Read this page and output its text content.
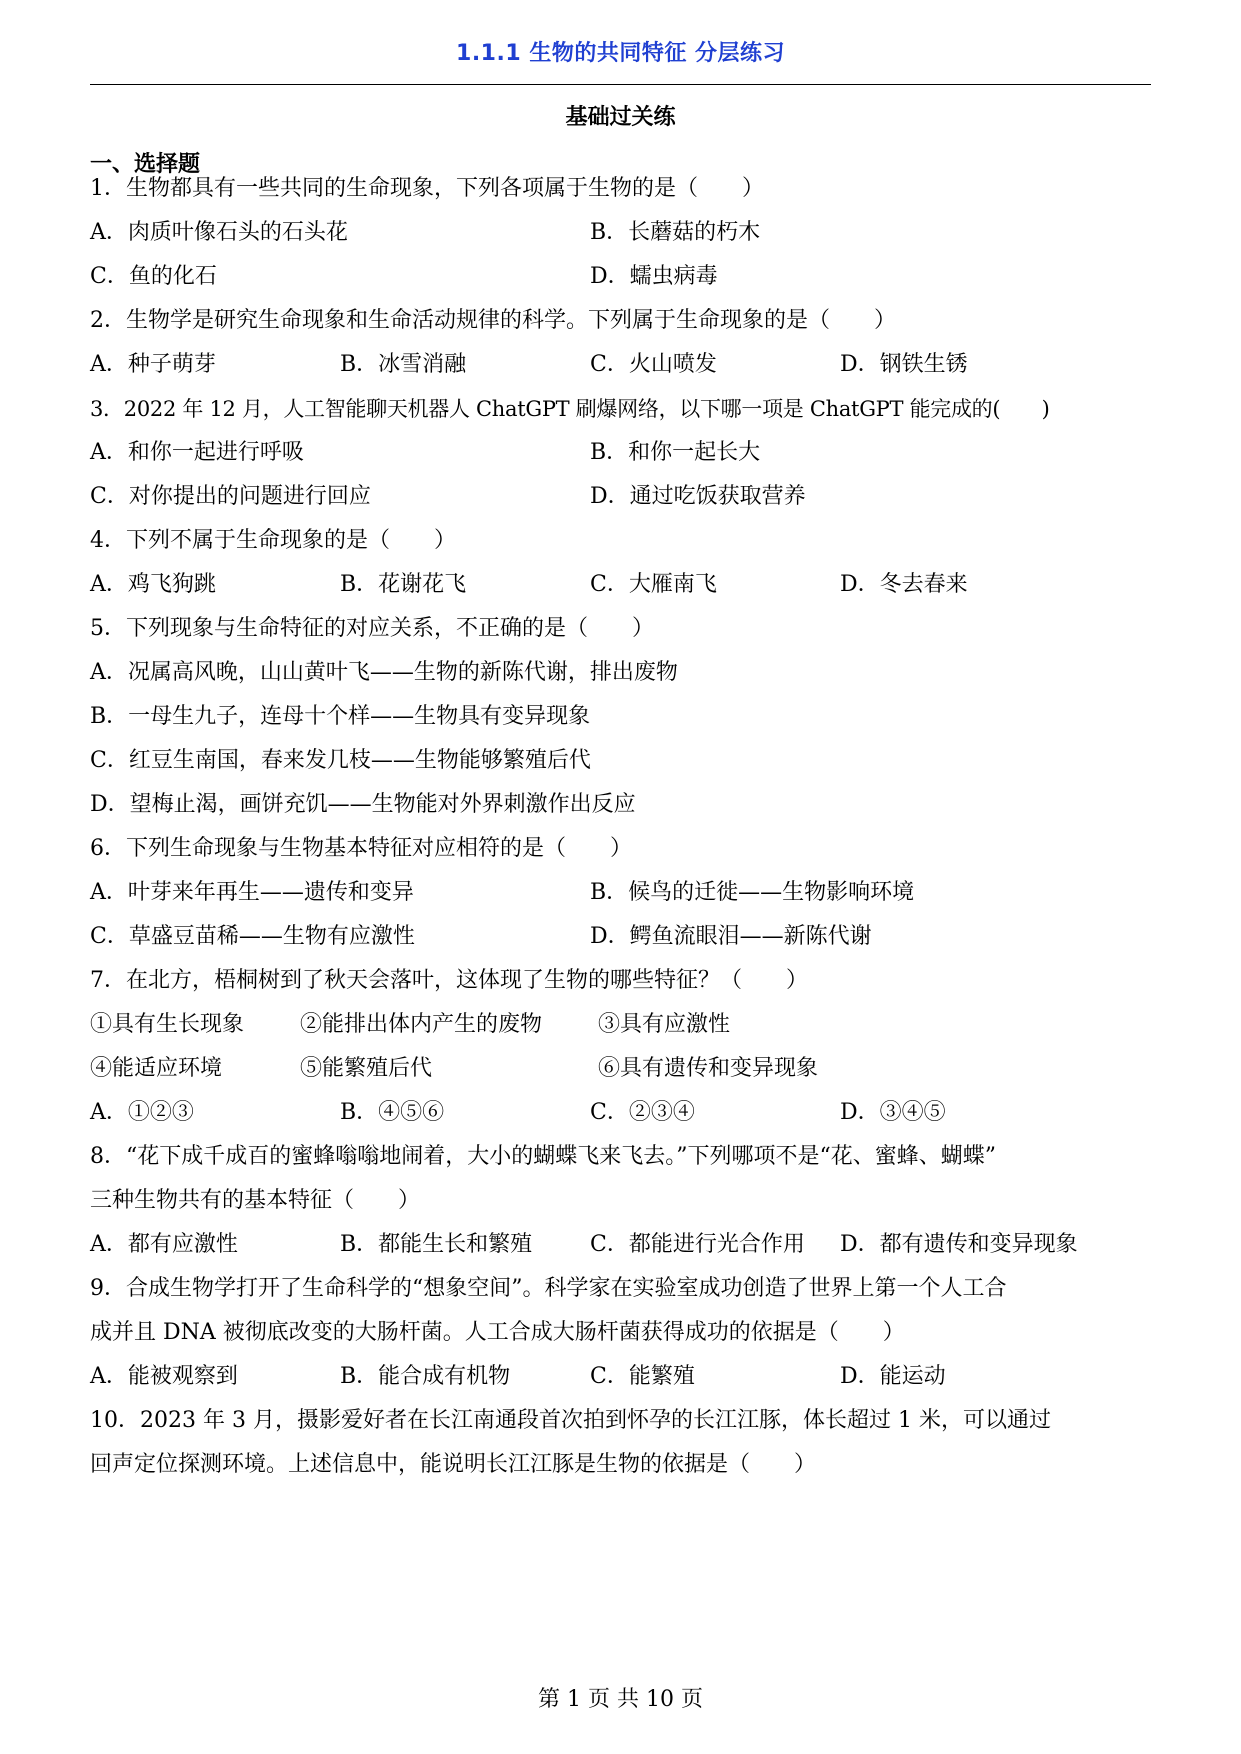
1.1.1 生物的共同特征 分层练习
基础过关练
一、选择题
1．生物都具有一些共同的生命现象，下列各项属于生物的是（　　）
A．肉质叶像石头的石头花	B．长蘑菇的朽木
C．鱼的化石	D．蠕虫病毒
2．生物学是研究生命现象和生命活动规律的科学。下列属于生命现象的是（　　）
A．种子萌芽	B．冰雪消融	C．火山喷发	D．钢铁生锈
3．2022 年 12 月，人工智能聊天机器人 ChatGPT 刷爆网络，以下哪一项是 ChatGPT 能完成的(　　)
A．和你一起进行呼吸	B．和你一起长大
C．对你提出的问题进行回应	D．通过吃饭获取营养
4．下列不属于生命现象的是（　　）
A．鸡飞狗跳	B．花谢花飞	C．大雁南飞	D．冬去春来
5．下列现象与生命特征的对应关系，不正确的是（　　）
A．况属高风晚，山山黄叶飞——生物的新陈代谢，排出废物
B．一母生九子，连母十个样——生物具有变异现象
C．红豆生南国，春来发几枝——生物能够繁殖后代
D．望梅止渴，画饼充饥——生物能对外界刺激作出反应
6．下列生命现象与生物基本特征对应相符的是（　　）
A．叶芽来年再生——遗传和变异	B．候鸟的迁徙——生物影响环境
C．草盛豆苗稀——生物有应激性	D．鳄鱼流眼泪——新陈代谢
7．在北方，梧桐树到了秋天会落叶，这体现了生物的哪些特征？（　　）
①具有生长现象	②能排出体内产生的废物	③具有应激性
④能适应环境	⑤能繁殖后代	⑥具有遗传和变异现象
A．①②③	B．④⑤⑥	C．②③④	D．③④⑤
8．“花下成千成百的蜜蜂嗡嗡地闹着，大小的蝴蝶飞来飞去。”下列哪项不是“花、蜜蜂、蝴蝶”
三种生物共有的基本特征（　　）
A．都有应激性	B．都能生长和繁殖	C．都能进行光合作用 D．都有遗传和变异现象
9．合成生物学打开了生命科学的“想象空间”。科学家在实验室成功创造了世界上第一个人工合
成并且 DNA 被彻底改变的大肠杆菌。人工合成大肠杆菌获得成功的依据是（　　）
A．能被观察到	B．能合成有机物	C．能繁殖	D．能运动
10．2023 年 3 月，摄影爱好者在长江南通段首次拍到怀孕的长江江豚，体长超过 1 米，可以通过
回声定位探测环境。上述信息中，能说明长江江豚是生物的依据是（　　）
第 1 页 共 10 页
